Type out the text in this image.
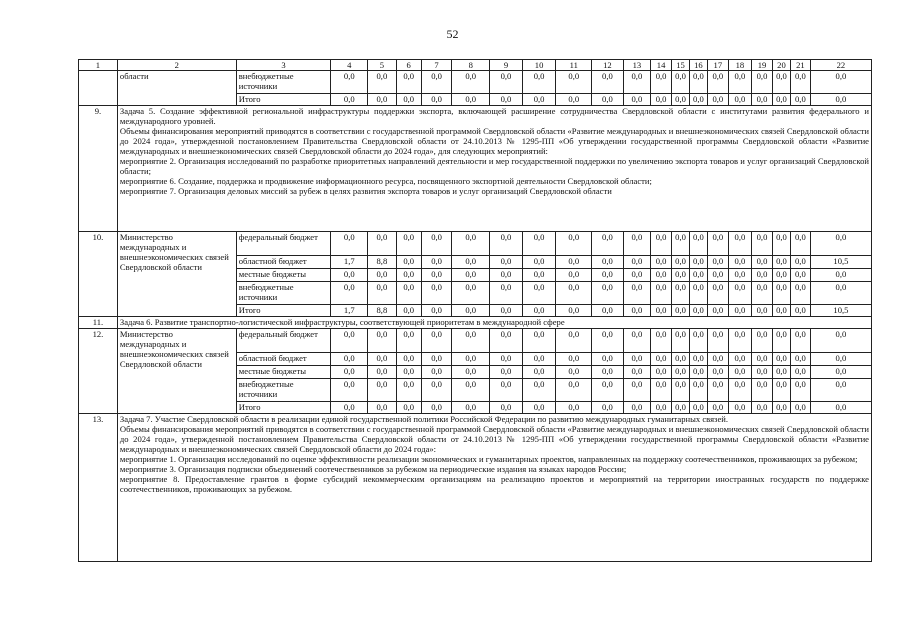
52
1	2	3	4	5	6	7	8	9	10	11	12	13	14	15	16	17	18	19	20	21	22
	области	внебюджетные источники	0,0	0,0	0,0	0,0	0,0	0,0	0,0	0,0	0,0	0,0	0,0	0,0	0,0	0,0	0,0	0,0	0,0	0,0	0,0
		Итого	0,0	0,0	0,0	0,0	0,0	0,0	0,0	0,0	0,0	0,0	0,0	0,0	0,0	0,0	0,0	0,0	0,0	0,0	0,0
9.	Задача 5. Создание эффективной региональной инфраструктуры поддержки экспорта, включающей расширение сотрудничества Свердловской области с институтами развития федерального и международного уровней.
Объемы финансирования мероприятий приводятся в соответствии с государственной программой Свердловской области «Развитие международных и внешнеэкономических связей Свердловской области до 2024 года», утвержденной постановлением Правительства Свердловской области от 24.10.2013 № 1295-ПП «Об утверждении государственной программы Свердловской области «Развитие международных и внешнеэкономических связей Свердловской области до 2024 года», для следующих мероприятий:
мероприятие 2. Организация исследований по разработке приоритетных направлений деятельности и мер государственной поддержки по увеличению экспорта товаров и услуг организаций Свердловской области;
мероприятие 6. Создание, поддержка и продвижение информационного ресурса, посвященного экспортной деятельности Свердловской области;
мероприятие 7. Организация деловых миссий за рубеж в целях развития экспорта товаров и услуг организаций Свердловской области																				

10.	Министерство международных и внешнеэкономических связей Свердловской области	федеральный бюджет	0,0	0,0	0,0	0,0	0,0	0,0	0,0	0,0	0,0	0,0	0,0	0,0	0,0	0,0	0,0	0,0	0,0	0,0	0,0
		областной бюджет	1,7	8,8	0,0	0,0	0,0	0,0	0,0	0,0	0,0	0,0	0,0	0,0	0,0	0,0	0,0	0,0	0,0	0,0	10,5
		местные бюджеты	0,0	0,0	0,0	0,0	0,0	0,0	0,0	0,0	0,0	0,0	0,0	0,0	0,0	0,0	0,0	0,0	0,0	0,0	0,0
		внебюджетные источники	0,0	0,0	0,0	0,0	0,0	0,0	0,0	0,0	0,0	0,0	0,0	0,0	0,0	0,0	0,0	0,0	0,0	0,0	0,0
		Итого	1,7	8,8	0,0	0,0	0,0	0,0	0,0	0,0	0,0	0,0	0,0	0,0	0,0	0,0	0,0	0,0	0,0	0,0	10,5
11.	Задача 6. Развитие транспортно-логистической инфраструктуры, соответствующей приоритетам в международной сфере																				
12.	Министерство международных и внешнеэкономических связей Свердловской области	федеральный бюджет	0,0	0,0	0,0	0,0	0,0	0,0	0,0	0,0	0,0	0,0	0,0	0,0	0,0	0,0	0,0	0,0	0,0	0,0	0,0
		областной бюджет	0,0	0,0	0,0	0,0	0,0	0,0	0,0	0,0	0,0	0,0	0,0	0,0	0,0	0,0	0,0	0,0	0,0	0,0	0,0
		местные бюджеты	0,0	0,0	0,0	0,0	0,0	0,0	0,0	0,0	0,0	0,0	0,0	0,0	0,0	0,0	0,0	0,0	0,0	0,0	0,0
		внебюджетные источники	0,0	0,0	0,0	0,0	0,0	0,0	0,0	0,0	0,0	0,0	0,0	0,0	0,0	0,0	0,0	0,0	0,0	0,0	0,0
		Итого	0,0	0,0	0,0	0,0	0,0	0,0	0,0	0,0	0,0	0,0	0,0	0,0	0,0	0,0	0,0	0,0	0,0	0,0	0,0
13.	Задача 7. Участие Свердловской области в реализации единой государственной политики Российской Федерации по развитию международных гуманитарных связей.
Объемы финансирования мероприятий приводятся в соответствии с государственной программой Свердловской области «Развитие международных и внешнеэкономических связей Свердловской области до 2024 года», утвержденной постановлением Правительства Свердловской области от 24.10.2013 № 1295-ПП «Об утверждении государственной программы Свердловской области «Развитие международных и внешнеэкономических связей Свердловской области до 2024 года»:
мероприятие 1. Организация исследований по оценке эффективности реализации экономических и гуманитарных проектов, направленных на поддержку соотечественников, проживающих за рубежом;
мероприятие 3. Организация подписки объединений соотечественников за рубежом на периодические издания на языках народов России;
мероприятие 8. Предоставление грантов в форме субсидий некоммерческим организациям на реализацию проектов и мероприятий на территории иностранных государств по поддержке соотечественников, проживающих за рубежом.																				
